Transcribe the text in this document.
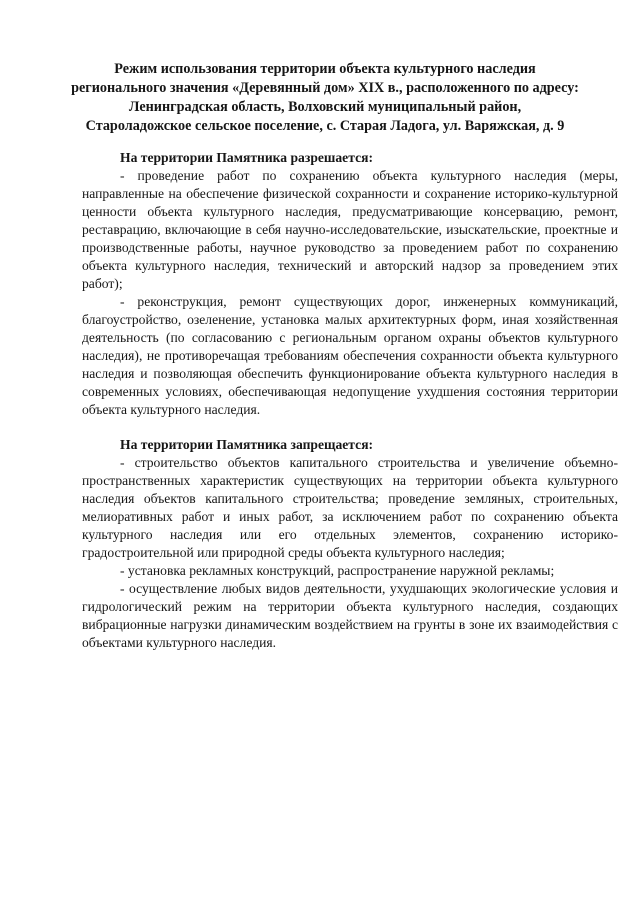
Режим использования территории объекта культурного наследия
регионального значения «Деревянный дом» XIX в., расположенного по адресу:
Ленинградская область, Волховский муниципальный район,
Староладожское сельское поселение, с. Старая Ладога, ул. Варяжская, д. 9
На территории Памятника разрешается:

- проведение работ по сохранению объекта культурного наследия (меры, направленные на обеспечение физической сохранности и сохранение историко-культурной ценности объекта культурного наследия, предусматривающие консервацию, ремонт, реставрацию, включающие в себя научно-исследовательские, изыскательские, проектные и производственные работы, научное руководство за проведением работ по сохранению объекта культурного наследия, технический и авторский надзор за проведением этих работ);

- реконструкция, ремонт существующих дорог, инженерных коммуникаций, благоустройство, озеленение, установка малых архитектурных форм, иная хозяйственная деятельность (по согласованию с региональным органом охраны объектов культурного наследия), не противоречащая требованиям обеспечения сохранности объекта культурного наследия и позволяющая обеспечить функционирование объекта культурного наследия в современных условиях, обеспечивающая недопущение ухудшения состояния территории объекта культурного наследия.

На территории Памятника запрещается:

- строительство объектов капитального строительства и увеличение объемно-пространственных характеристик существующих на территории объекта культурного наследия объектов капитального строительства; проведение земляных, строительных, мелиоративных работ и иных работ, за исключением работ по сохранению объекта культурного наследия или его отдельных элементов, сохранению историко-градостроительной или природной среды объекта культурного наследия;

- установка рекламных конструкций, распространение наружной рекламы;

- осуществление любых видов деятельности, ухудшающих экологические условия и гидрологический режим на территории объекта культурного наследия, создающих вибрационные нагрузки динамическим воздействием на грунты в зоне их взаимодействия с объектами культурного наследия.
